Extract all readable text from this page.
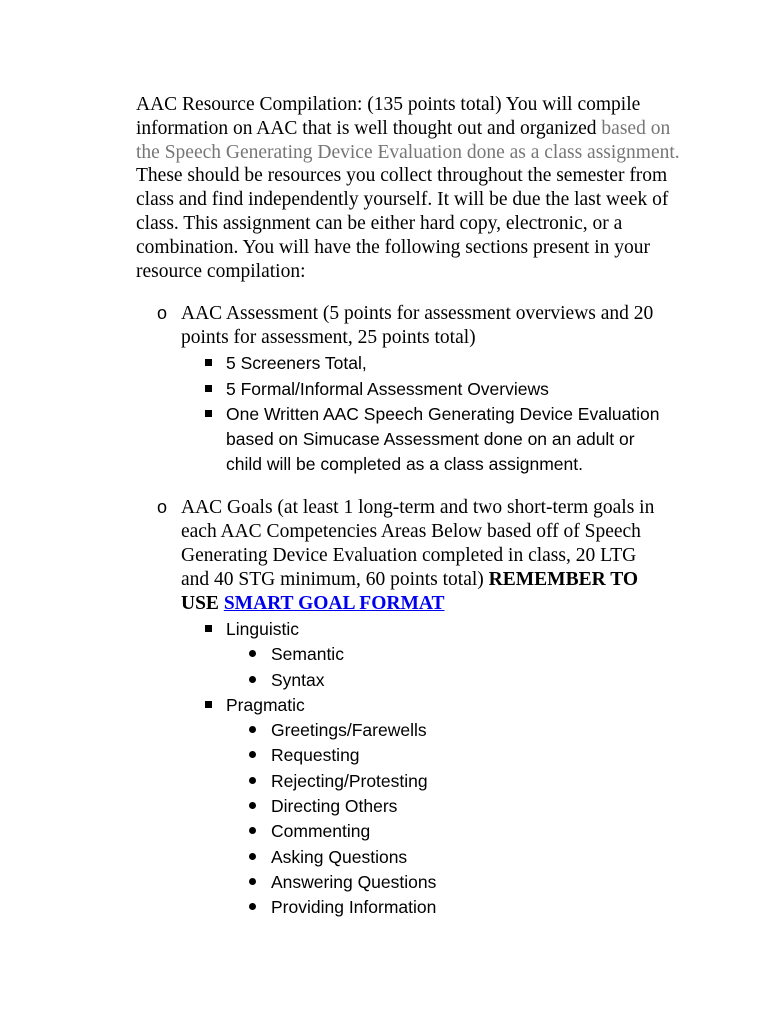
AAC Resource Compilation: (135 points total) You will compile information on AAC that is well thought out and organized based on the Speech Generating Device Evaluation done as a class assignment. These should be resources you collect throughout the semester from class and find independently yourself. It will be due the last week of class. This assignment can be either hard copy, electronic, or a combination. You will have the following sections present in your resource compilation:

o AAC Assessment (5 points for assessment overviews and 20
points for assessment, 25 points total)
5 Screeners Total,
5 Formal/Informal Assessment Overviews
One Written AAC Speech Generating Device Evaluation
based on Simucase Assessment done on an adult or
child will be completed as a class assignment.
o AAC Goals (at least 1 long-term and two short-term goals in
each AAC Competencies Areas Below based off of Speech
Generating Device Evaluation completed in class, 20 LTG
and 40 STG minimum, 60 points total) REMEMBER TO
USE SMART GOAL FORMAT
Linguistic
Semantic
Syntax
Pragmatic
Greetings/Farewells
Requesting
Rejecting/Protesting
Directing Others
Commenting
Asking Questions
Answering Questions
Providing Information
